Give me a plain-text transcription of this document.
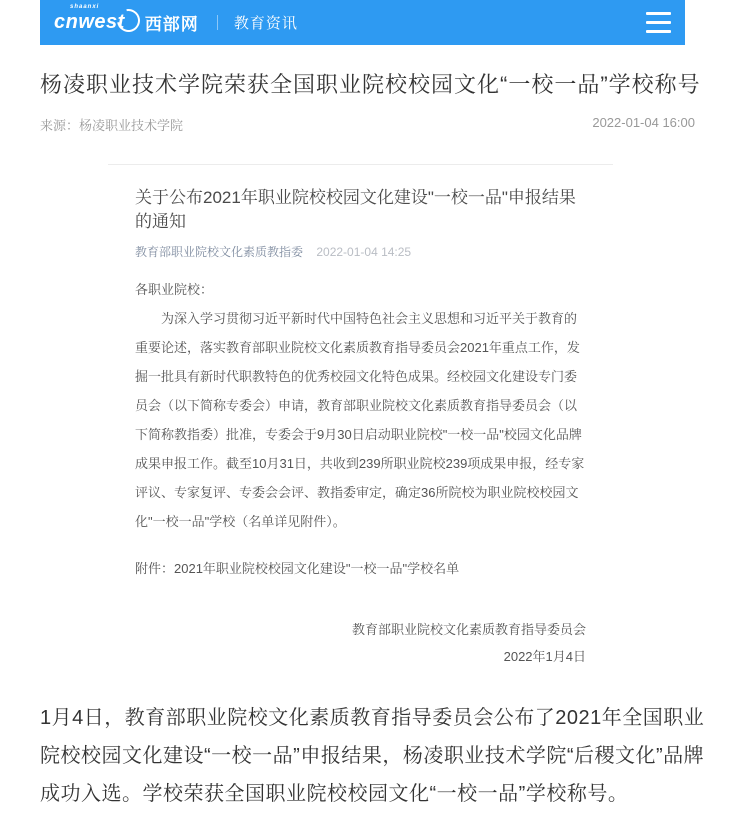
shaanxi
cnwest	西部网 教育资讯
杨凌职业技术学院荣获全国职业院校校园文化“一校一品”学校称号
来源：杨凌职业技术学院	2022-01-04 16:00
关于公布2021年职业院校校园文化建设"一校一品"申报结果的通知
教育部职业院校文化素质教指委 2022-01-04 14:25

各职业院校：

为深入学习贯彻习近平新时代中国特色社会主义思想和习近平关于教育的重要论述，落实教育部职业院校文化素质教育指导委员会2021年重点工作，发掘一批具有新时代职教特色的优秀校园文化特色成果。经校园文化建设专门委员会（以下简称专委会）申请，教育部职业院校文化素质教育指导委员会（以下简称教指委）批准，专委会于9月30日启动职业院校"一校一品"校园文化品牌成果申报工作。截至10月31日，共收到239所职业院校239项成果申报，经专家评议、专家复评、专委会会评、教指委审定，确定36所院校为职业院校校园文化"一校一品"学校（名单详见附件）。

附件：2021年职业院校校园文化建设"一校一品"学校名单

教育部职业院校文化素质教育指导委员会

2022年1月4日

1月4日，教育部职业院校文化素质教育指导委员会公布了2021年全国职业院校校园文化建设“一校一品”申报结果，杨凌职业技术学院“后稷文化”品牌成功入选。学校荣获全国职业院校校园文化“一校一品”学校称号。
